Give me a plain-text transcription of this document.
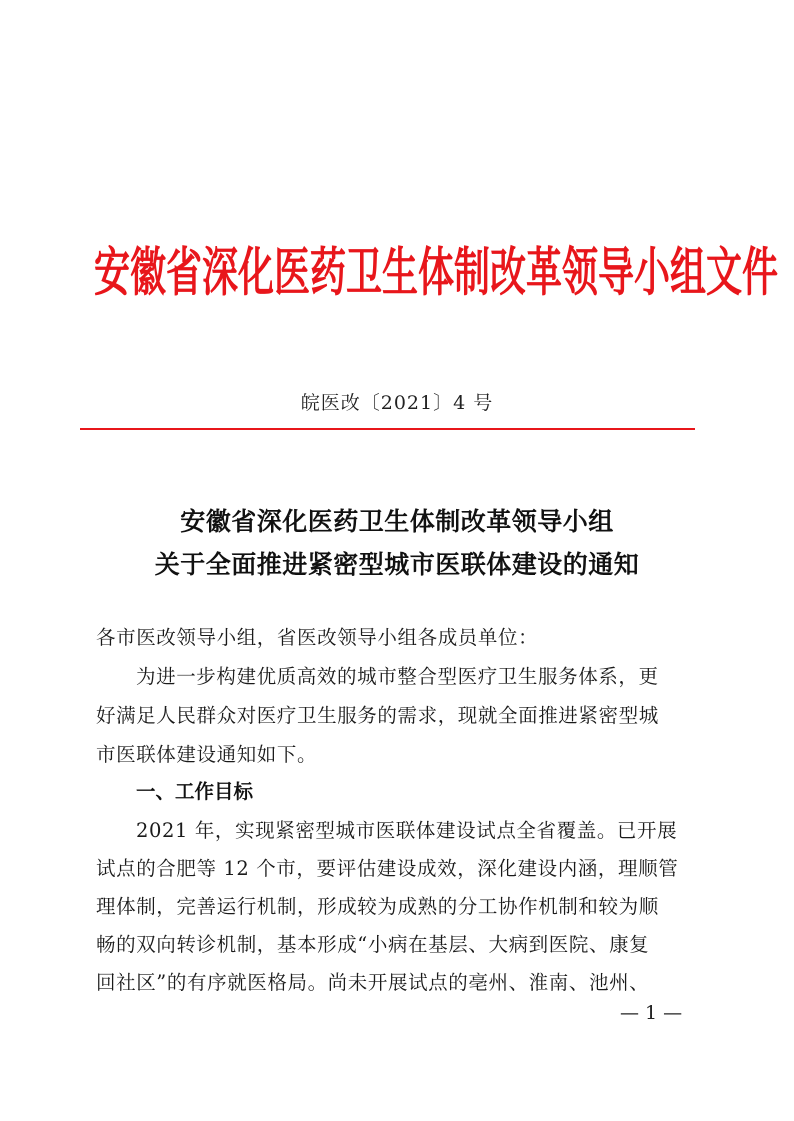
安徽省深化医药卫生体制改革领导小组文件
皖医改〔2021〕4 号
安徽省深化医药卫生体制改革领导小组
关于全面推进紧密型城市医联体建设的通知
各市医改领导小组，省医改领导小组各成员单位：
为进一步构建优质高效的城市整合型医疗卫生服务体系，更
好满足人民群众对医疗卫生服务的需求，现就全面推进紧密型城
市医联体建设通知如下。
一、工作目标
2021 年，实现紧密型城市医联体建设试点全省覆盖。已开展
试点的合肥等 12 个市，要评估建设成效，深化建设内涵，理顺管
理体制，完善运行机制，形成较为成熟的分工协作机制和较为顺
畅的双向转诊机制，基本形成“小病在基层、大病到医院、康复
回社区”的有序就医格局。尚未开展试点的亳州、淮南、池州、
— 1 —
